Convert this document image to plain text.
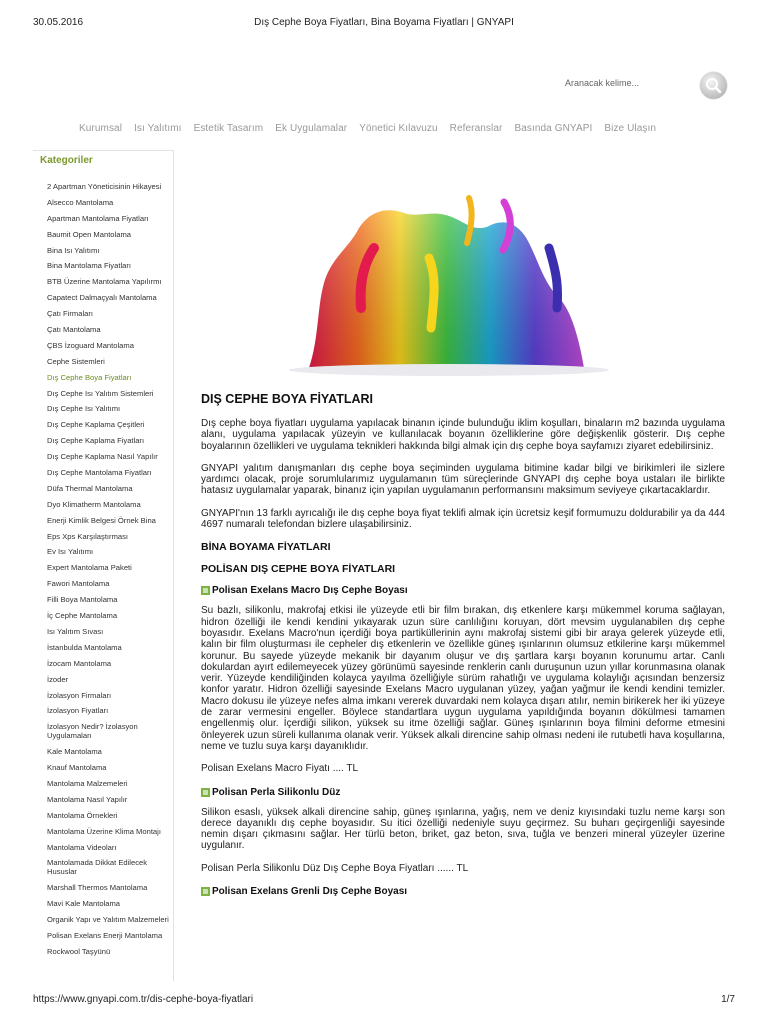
30.05.2016	Dış Cephe Boya Fiyatları, Bina Boyama Fiyatları | GNYAPI
Aranacak kelime...
Kurumsal Isı Yalıtımı Estetik Tasarım Ek Uygulamalar Yönetici Kılavuzu Referanslar Basında GNYAPI Bize Ulaşın
Kategoriler
2 Apartman Yöneticisinin Hikayesi
Alsecco Mantolama
Apartman Mantolama Fiyatları
Baumit Open Mantolama
Bina Isı Yalıtımı
Bina Mantolama Fiyatları
BTB Üzerine Mantolama Yapılırmı
Capatect Dalmaçyalı Mantolama
Çatı Firmaları
Çatı Mantolama
ÇBS İzoguard Mantolama
Cephe Sistemleri
Dış Cephe Boya Fiyatları
Dış Cephe Isı Yalıtım Sistemleri
Dış Cephe Isı Yalıtımı
Dış Cephe Kaplama Çeşitleri
Dış Cephe Kaplama Fiyatları
Dış Cephe Kaplama Nasıl Yapılır
Dış Cephe Mantolama Fiyatları
Düfa Thermal Mantolama
Dyo Klimatherm Mantolama
Enerji Kimlik Belgesi Örnek Bina
Eps Xps Karşılaştırması
Ev Isı Yalıtımı
Expert Mantolama Paketi
Fawori Mantolama
Filli Boya Mantolama
İç Cephe Mantolama
Isı Yalıtım Sıvası
İstanbulda Mantolama
İzocam Mantolama
İzoder
İzolasyon Firmaları
İzolasyon Fiyatları
İzolasyon Nedir? İzolasyon Uygulamaları
Kale Mantolama
Knauf Mantolama
Mantolama Malzemeleri
Mantolama Nasıl Yapılır
Mantolama Örnekleri
Mantolama Üzerine Klima Montajı
Mantolama Videoları
Mantolamada Dikkat Edilecek Hususlar
Marshall Thermos Mantolama
Mavi Kale Mantolama
Organik Yapı ve Yalıtım Malzemeleri
Polisan Exelans Enerji Mantolama
Rockwool Taşyünü
DIŞ CEPHE BOYA FİYATLARI

Dış cephe boya fiyatları uygulama yapılacak binanın içinde bulunduğu iklim koşulları, binaların m2 bazında uygulama alanı, uygulama yapılacak yüzeyin ve kullanılacak boyanın özelliklerine göre değişkenlik gösterir. Dış cephe boyalarının özellikleri ve uygulama teknikleri hakkında bilgi almak için dış cephe boya sayfamızı ziyaret edebilirsiniz.

GNYAPI yalıtım danışmanları dış cephe boya seçiminden uygulama bitimine kadar bilgi ve birikimleri ile sizlere yardımcı olacak, proje sorumlularımız uygulamanın tüm süreçlerinde GNYAPI dış cephe boya ustaları ile birlikte hatasız uygulamalar yaparak, binanız için yapılan uygulamanın performansını maksimum seviyeye çıkartacaklardır.

GNYAPI'nın 13 farklı ayrıcalığı ile dış cephe boya fiyat teklifi almak için ücretsiz keşif formumuzu doldurabilir ya da 444 4697 numaralı telefondan bizlere ulaşabilirsiniz.

BİNA BOYAMA FİYATLARI
POLİSAN DIŞ CEPHE BOYA FİYATLARI
Polisan Exelans Macro Dış Cephe Boyası

Su bazlı, silikonlu, makrofaj etkisi ile yüzeyde etli bir film bırakan, dış etkenlere karşı mükemmel koruma sağlayan, hidron özelliği ile kendi kendini yıkayarak uzun süre canlılığını koruyan, dört mevsim uygulanabilen dış cephe boyasıdır. Exelans Macro'nun içerdiği boya partiküllerinin aynı makrofaj sistemi gibi bir araya gelerek yüzeyde etli, kalın bir film oluşturması ile cepheler dış etkenlerin ve özellikle güneş ışınlarının olumsuz etkilerine karşı mükemmel korunur. Bu sayede yüzeyde mekanik bir dayanım oluşur ve dış şartlara karşı boyanın korunumu artar. Canlı dokulardan ayırt edilemeyecek yüzey görünümü sayesinde renklerin canlı duruşunun uzun yıllar korunmasına olanak verir. Yüzeyde kendiliğinden kolayca yayılma özelliğiyle sürüm rahatlığı ve uygulama kolaylığı açısından benzersiz konfor yaratır. Hidron özelliği sayesinde Exelans Macro uygulanan yüzey, yağan yağmur ile kendi kendini temizler. Macro dokusu ile yüzeye nefes alma imkanı vererek duvardaki nem kolayca dışarı atılır, nemin birikerek her iki yüzeye de zarar vermesini engeller. Böylece standartlara uygun uygulama yapıldığında boyanın dökülmesi tamamen engellenmiş olur. İçerdiği silikon, yüksek su itme özelliği sağlar. Güneş ışınlarının boya filmini deforme etmesini önleyerek uzun süreli kullanıma olanak verir. Yüksek alkali direncine sahip olması nedeni ile rutubetli hava koşullarına, neme ve tuzlu suya karşı dayanıklıdır.

Polisan Exelans Macro Fiyatı .... TL

Polisan Perla Silikonlu Düz

Silikon esaslı, yüksek alkali direncine sahip, güneş ışınlarına, yağış, nem ve deniz kıyısındaki tuzlu neme karşı son derece dayanıklı dış cephe boyasıdır. Su itici özelliği nedeniyle suyu geçirmez. Su buharı geçirgenliği sayesinde nemin dışarı çıkmasını sağlar. Her türlü beton, briket, gaz beton, sıva, tuğla ve benzeri mineral yüzeyler üzerine uygulanır.

Polisan Perla Silikonlu Düz Dış Cephe Boya Fiyatları ...... TL

Polisan Exelans Grenli Dış Cephe Boyası
https://www.gnyapi.com.tr/dis-cephe-boya-fiyatlari	1/7
